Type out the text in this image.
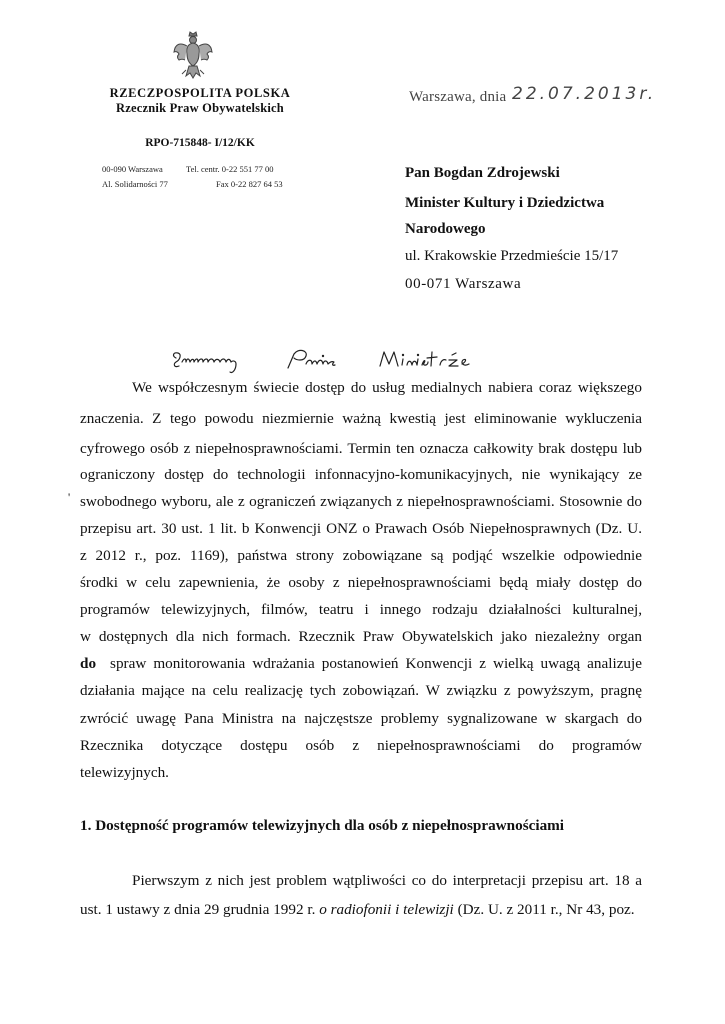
RZECZPOSPOLITA POLSKA
Rzecznik Praw Obywatelskich
RPO-715848- I/12/KK
00-090 Warszawa
Al. Solidarności 77
Tel. centr. 0-22 551 77 00
Fax 0-22 827 64 53
Warszawa, dnia 22.07.2013r.
Pan Bogdan Zdrojewski
Minister Kultury i Dziedzictwa
Narodowego
ul. Krakowskie Przedmieście 15/17
00-071 Warszawa
We współczesnym świecie dostęp do usług medialnych nabiera coraz większego
znaczenia. Z tego powodu niezmiernie ważną kwestią jest eliminowanie wykluczenia
cyfrowego osób z niepełnosprawnościami. Termin ten oznacza całkowity brak dostępu lub
ograniczony dostęp do technologii infonnacyjno-komunikacyjnych, nie wynikający ze
' swobodnego wyboru, ale z ograniczeń związanych z niepełnosprawnościami. Stosownie do
przepisu art. 30 ust. 1 lit. b Konwencji ONZ o Prawach Osób Niepełnosprawnych (Dz. U.
z 2012 r., poz. 1169), państwa strony zobowiązane są podjąć wszelkie odpowiednie
środki w celu zapewnienia, że osoby z niepełnosprawnościami będą miały dostęp do
programów telewizyjnych, filmów, teatru i innego rodzaju działalności kulturalnej,
w dostępnych dla nich formach. Rzecznik Praw Obywatelskich jako niezależny organ
do spraw monitorowania wdrażania postanowień Konwencji z wielką uwagą analizuje
działania mające na celu realizację tych zobowiązań. W związku z powyższym, pragnę
zwrócić uwagę Pana Ministra na najczęstsze problemy sygnalizowane w skargach do
Rzecznika dotyczące dostępu osób z niepełnosprawnościami do programów
telewizyjnych.
1. Dostępność programów telewizyjnych dla osób z niepełnosprawnościami
Pierwszym z nich jest problem wątpliwości co do interpretacji przepisu art. 18 a
ust. 1 ustawy z dnia 29 grudnia 1992 r. o radiofonii i telewizji (Dz. U. z 2011 r., Nr 43, poz.
